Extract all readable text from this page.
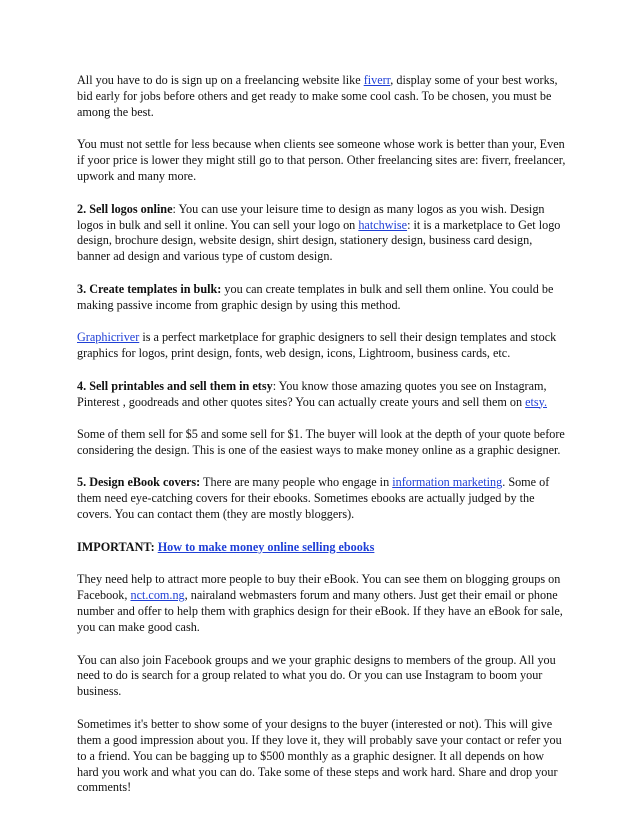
All you have to do is sign up on a freelancing website like fiverr, display some of your best works, bid early for jobs before others and get ready to make some cool cash. To be chosen, you must be among the best.

You must not settle for less because when clients see someone whose work is better than your, Even if yoor price is lower they might still go to that person. Other freelancing sites are: fiverr, freelancer, upwork and many more.

2. Sell logos online: You can use your leisure time to design as many logos as you wish. Design logos in bulk and sell it online. You can sell your logo on hatchwise: it is a marketplace to Get logo design, brochure design, website design, shirt design, stationery design, business card design, banner ad design and various type of custom design.

3. Create templates in bulk: you can create templates in bulk and sell them online. You could be making passive income from graphic design by using this method.

Graphicriver is a perfect marketplace for graphic designers to sell their design templates and stock graphics for logos, print design, fonts, web design, icons, Lightroom, business cards, etc.

4. Sell printables and sell them in etsy: You know those amazing quotes you see on Instagram, Pinterest , goodreads and other quotes sites? You can actually create yours and sell them on etsy.

Some of them sell for $5 and some sell for $1. The buyer will look at the depth of your quote before considering the design. This is one of the easiest ways to make money online as a graphic designer.

5. Design eBook covers: There are many people who engage in information marketing. Some of them need eye-catching covers for their ebooks. Sometimes ebooks are actually judged by the covers. You can contact them (they are mostly bloggers).

IMPORTANT: How to make money online selling ebooks

They need help to attract more people to buy their eBook. You can see them on blogging groups on Facebook, nct.com.ng, nairaland webmasters forum and many others. Just get their email or phone number and offer to help them with graphics design for their eBook. If they have an eBook for sale, you can make good cash.

You can also join Facebook groups and we your graphic designs to members of the group. All you need to do is search for a group related to what you do. Or you can use Instagram to boom your business.

Sometimes it's better to show some of your designs to the buyer (interested or not). This will give them a good impression about you. If they love it, they will probably save your contact or refer you to a friend. You can be bagging up to $500 monthly as a graphic designer. It all depends on how hard you work and what you can do. Take some of these steps and work hard. Share and drop your comments!
